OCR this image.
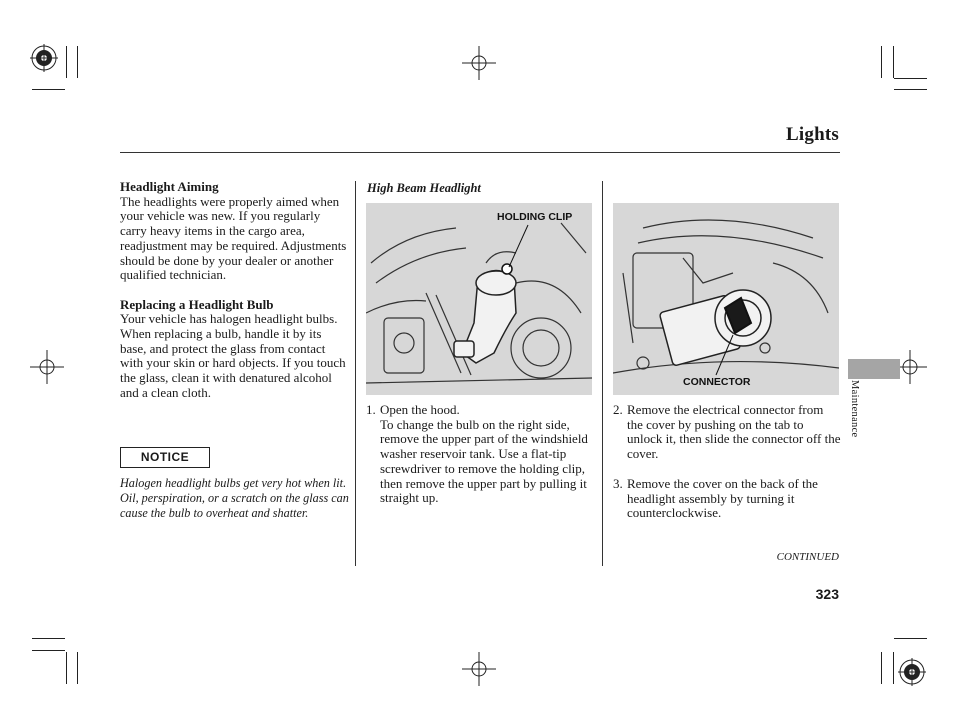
Lights
Headlight Aiming

The headlights were properly aimed when your vehicle was new. If you regularly carry heavy items in the cargo area, readjustment may be required. Adjustments should be done by your dealer or another qualified technician.

Replacing a Headlight Bulb

Your vehicle has halogen headlight bulbs. When replacing a bulb, handle it by its base, and protect the glass from contact with your skin or hard objects. If you touch the glass, clean it with denatured alcohol and a clean cloth.

NOTICE
Halogen headlight bulbs get very hot when lit. Oil, perspiration, or a scratch on the glass can cause the bulb to overheat and shatter.
High Beam Headlight
HOLDING CLIP
CONNECTOR
1. Open the hood.
To change the bulb on the right side, remove the upper part of the windshield washer reservoir tank. Use a flat-tip screwdriver to remove the holding clip, then remove the upper part by pulling it straight up.
2. Remove the electrical connector from the cover by pushing on the tab to unlock it, then slide the connector off the cover.
3. Remove the cover on the back of the headlight assembly by turning it counterclockwise.
CONTINUED
323
Maintenance
